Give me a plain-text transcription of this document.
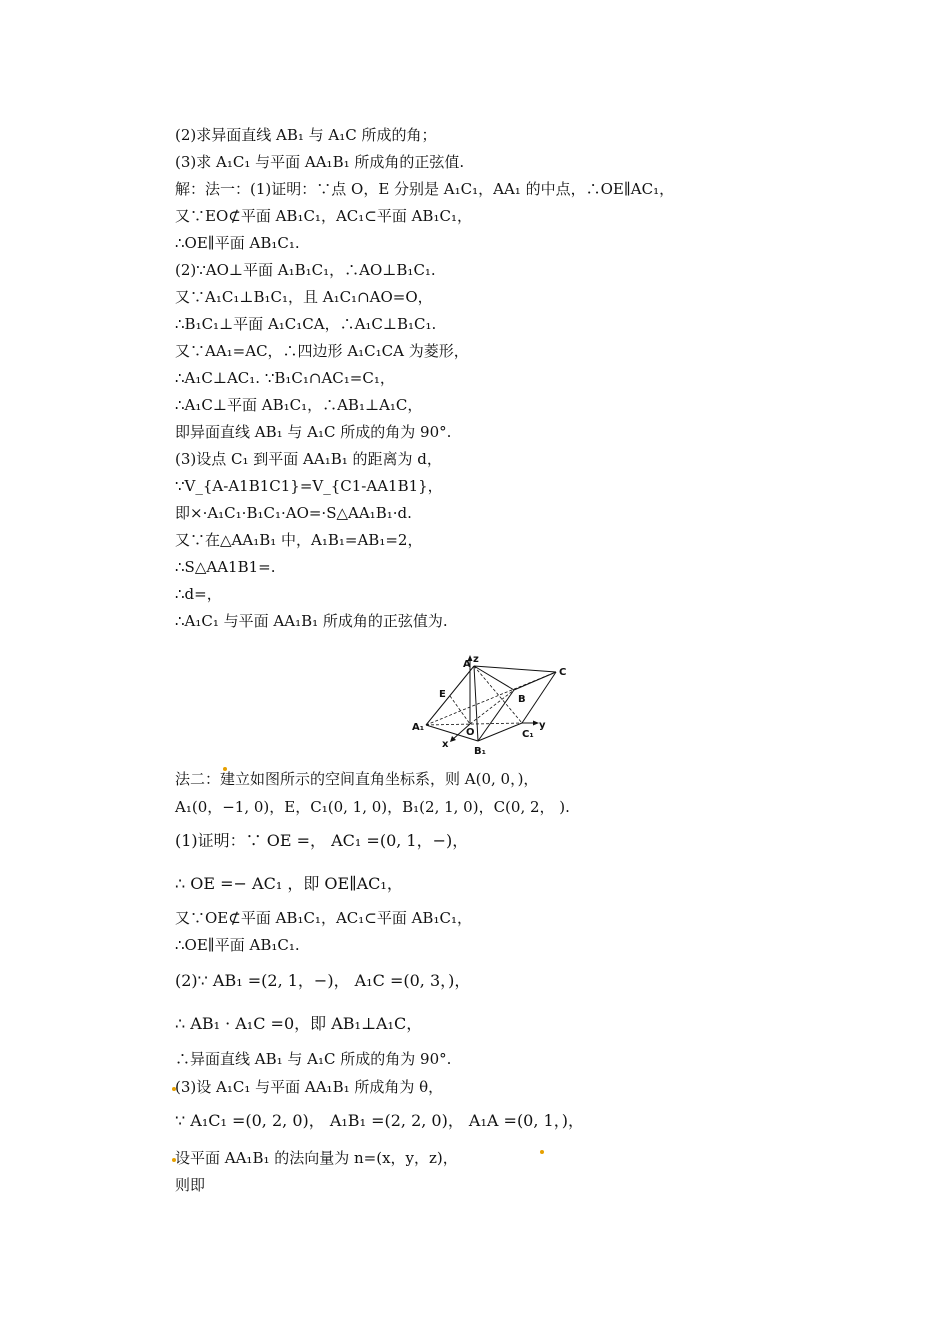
(2)求异面直线 AB₁ 与 A₁C 所成的角；
(3)求 A₁C₁ 与平面 AA₁B₁ 所成角的正弦值.
解：法一：(1)证明：∵点 O，E 分别是 A₁C₁，AA₁ 的中点，∴OE∥AC₁，
又∵EO⊄平面 AB₁C₁，AC₁⊂平面 AB₁C₁，
∴OE∥平面 AB₁C₁.
(2)∵AO⊥平面 A₁B₁C₁，∴AO⊥B₁C₁.
又∵A₁C₁⊥B₁C₁，且 A₁C₁∩AO=O，
∴B₁C₁⊥平面 A₁C₁CA，∴A₁C⊥B₁C₁.
又∵AA₁=AC，∴四边形 A₁C₁CA 为菱形，
∴A₁C⊥AC₁. ∵B₁C₁∩AC₁=C₁，
∴A₁C⊥平面 AB₁C₁，∴AB₁⊥A₁C，
即异面直线 AB₁ 与 A₁C 所成的角为 90°.
(3)设点 C₁ 到平面 AA₁B₁ 的距离为 d，
∵V_{A-A1B1C1}=V_{C1-AA1B1}，
即×·A₁C₁·B₁C₁·AO=·S△AA₁B₁·d.
又∵在△AA₁B₁ 中，A₁B₁=AB₁=2，
∴S△AA1B1=.
∴d=，
∴A₁C₁ 与平面 AA₁B₁ 所成角的正弦值为.
A z
C
E	B
A₁	O
y
x
B₁
C₁
法二：建立如图所示的空间直角坐标系，则 A(0, 0，)，
A₁(0，−1, 0)，E，C₁(0, 1, 0)，B₁(2, 1, 0)，C(0, 2， ).
(1)证明：∵ OE =， AC₁ =(0, 1，−)，
∴ OE =− AC₁ ，即 OE∥AC₁，
又∵OE⊄平面 AB₁C₁，AC₁⊂平面 AB₁C₁，
∴OE∥平面 AB₁C₁.
(2)∵ AB₁ =(2, 1，−)， A₁C =(0, 3，)，
∴ AB₁ · A₁C =0，即 AB₁⊥A₁C，
∴异面直线 AB₁ 与 A₁C 所成的角为 90°.
(3)设 A₁C₁ 与平面 AA₁B₁ 所成角为 θ，
∵ A₁C₁ =(0, 2, 0)， A₁B₁ =(2, 2, 0)， A₁A =(0, 1，)，
设平面 AA₁B₁ 的法向量为 n=(x，y，z)，
则即
